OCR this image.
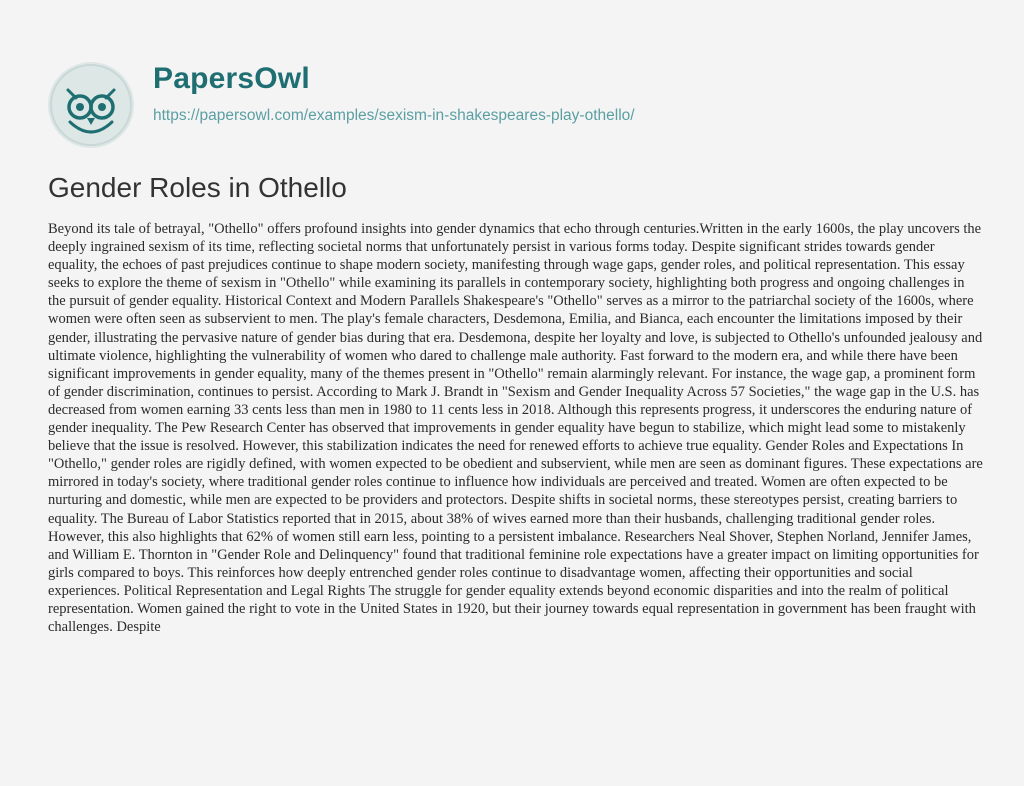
PapersOwl
https://papersowl.com/examples/sexism-in-shakespeares-play-othello/
Gender Roles in Othello

Beyond its tale of betrayal, "Othello" offers profound insights into gender dynamics that echo through centuries.Written in the early 1600s, the play uncovers the deeply ingrained sexism of its time, reflecting societal norms that unfortunately persist in various forms today. Despite significant strides towards gender equality, the echoes of past prejudices continue to shape modern society, manifesting through wage gaps, gender roles, and political representation. This essay seeks to explore the theme of sexism in "Othello" while examining its parallels in contemporary society, highlighting both progress and ongoing challenges in the pursuit of gender equality. Historical Context and Modern Parallels Shakespeare's "Othello" serves as a mirror to the patriarchal society of the 1600s, where women were often seen as subservient to men. The play's female characters, Desdemona, Emilia, and Bianca, each encounter the limitations imposed by their gender, illustrating the pervasive nature of gender bias during that era. Desdemona, despite her loyalty and love, is subjected to Othello's unfounded jealousy and ultimate violence, highlighting the vulnerability of women who dared to challenge male authority. Fast forward to the modern era, and while there have been significant improvements in gender equality, many of the themes present in "Othello" remain alarmingly relevant. For instance, the wage gap, a prominent form of gender discrimination, continues to persist. According to Mark J. Brandt in "Sexism and Gender Inequality Across 57 Societies," the wage gap in the U.S. has decreased from women earning 33 cents less than men in 1980 to 11 cents less in 2018. Although this represents progress, it underscores the enduring nature of gender inequality. The Pew Research Center has observed that improvements in gender equality have begun to stabilize, which might lead some to mistakenly believe that the issue is resolved. However, this stabilization indicates the need for renewed efforts to achieve true equality. Gender Roles and Expectations In "Othello," gender roles are rigidly defined, with women expected to be obedient and subservient, while men are seen as dominant figures. These expectations are mirrored in today's society, where traditional gender roles continue to influence how individuals are perceived and treated. Women are often expected to be nurturing and domestic, while men are expected to be providers and protectors. Despite shifts in societal norms, these stereotypes persist, creating barriers to equality. The Bureau of Labor Statistics reported that in 2015, about 38% of wives earned more than their husbands, challenging traditional gender roles. However, this also highlights that 62% of women still earn less, pointing to a persistent imbalance. Researchers Neal Shover, Stephen Norland, Jennifer James, and William E. Thornton in "Gender Role and Delinquency" found that traditional feminine role expectations have a greater impact on limiting opportunities for girls compared to boys. This reinforces how deeply entrenched gender roles continue to disadvantage women, affecting their opportunities and social experiences. Political Representation and Legal Rights The struggle for gender equality extends beyond economic disparities and into the realm of political representation. Women gained the right to vote in the United States in 1920, but their journey towards equal representation in government has been fraught with challenges. Despite
